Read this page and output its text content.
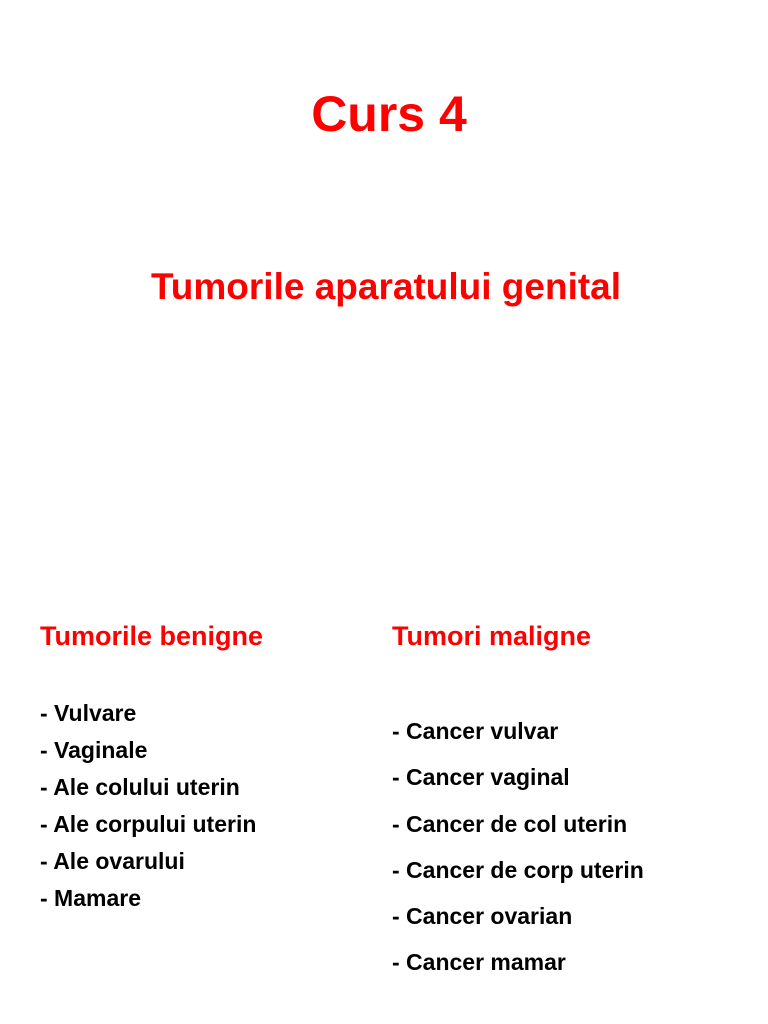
Curs 4
Tumorile aparatului genital
Tumorile benigne
- Vulvare
- Vaginale
- Ale colului uterin
- Ale corpului uterin
- Ale ovarului
- Mamare
Tumori maligne
- Cancer vulvar
- Cancer vaginal
- Cancer de col uterin
- Cancer de corp uterin
- Cancer ovarian
- Cancer mamar
